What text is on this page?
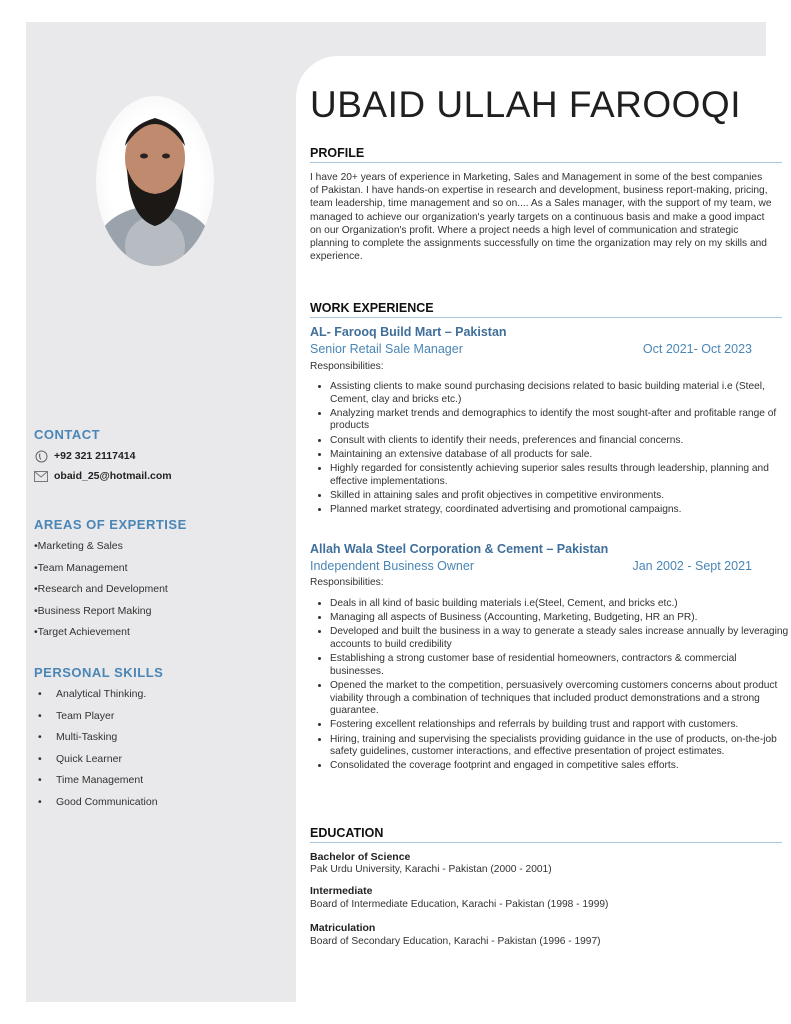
CONTACT
+92 321 2117414
obaid_25@hotmail.com
AREAS OF EXPERTISE
•Marketing & Sales
•Team Management
•Research and Development
•Business Report Making
•Target Achievement
PERSONAL SKILLS
• Analytical Thinking.
• Team Player
• Multi-Tasking
• Quick Learner
• Time Management
• Good Communication
UBAID ULLAH FAROOQI
PROFILE

I have 20+ years of experience in Marketing, Sales and Management in some of the best companies of Pakistan. I have hands-on expertise in research and development, business report-making, pricing, team leadership, time management and so on.... As a Sales manager, with the support of my team, we managed to achieve our organization's yearly targets on a continuous basis and make a good impact on our Organization's profit. Where a project needs a high level of communication and strategic planning to complete the assignments successfully on time the organization may rely on my skills and experience.

WORK EXPERIENCE
AL- Farooq Build Mart – Pakistan
Senior Retail Sale Manager	Oct 2021- Oct 2023
Responsibilities:
• Assisting clients to make sound purchasing decisions related to basic building material i.e (Steel, Cement, clay and bricks etc.)
• Analyzing market trends and demographics to identify the most sought-after and profitable range of products
• Consult with clients to identify their needs, preferences and financial concerns.
• Maintaining an extensive database of all products for sale.
• Highly regarded for consistently achieving superior sales results through leadership, planning and effective implementations.
• Skilled in attaining sales and profit objectives in competitive environments.
• Planned market strategy, coordinated advertising and promotional campaigns.
Allah Wala Steel Corporation & Cement – Pakistan
Independent Business Owner	Jan 2002 - Sept 2021
Responsibilities:
• Deals in all kind of basic building materials i.e(Steel, Cement, and bricks etc.)
• Managing all aspects of Business (Accounting, Marketing, Budgeting, HR an PR).
• Developed and built the business in a way to generate a steady sales increase annually by leveraging accounts to build credibility
• Establishing a strong customer base of residential homeowners, contractors & commercial businesses.
• Opened the market to the competition, persuasively overcoming customers concerns about product viability through a combination of techniques that included product demonstrations and a strong guarantee.
• Fostering excellent relationships and referrals by building trust and rapport with customers.
• Hiring, training and supervising the specialists providing guidance in the use of products, on-the-job safety guidelines, customer interactions, and effective presentation of project estimates.
• Consolidated the coverage footprint and engaged in competitive sales efforts.
EDUCATION
Bachelor of Science
Pak Urdu University, Karachi - Pakistan (2000 - 2001)
Intermediate
Board of Intermediate Education, Karachi - Pakistan (1998 - 1999)
Matriculation
Board of Secondary Education, Karachi - Pakistan (1996 - 1997)
